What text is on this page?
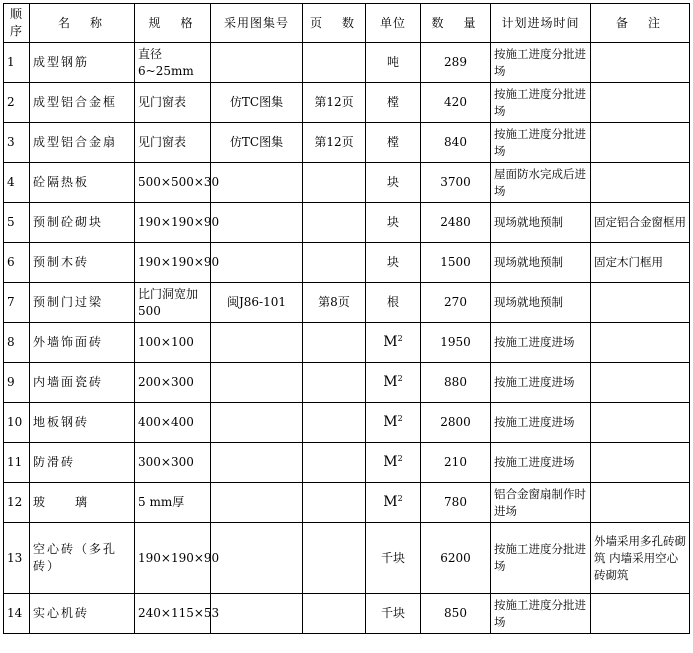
顺序	名　称	规　格	采用图集号	页　数	单位	数　量	计划进场时间	备　注
1	成型钢筋	直径6~25mm			吨	289	按施工进度分批进场	
2	成型铝合金框	见门窗表	仿TC图集	第12页	樘	420	按施工进度分批进场	
3	成型铝合金扇	见门窗表	仿TC图集	第12页	樘	840	按施工进度分批进场	
4	砼隔热板	500×500×30			块	3700	屋面防水完成后进场	
5	预制砼砌块	190×190×90			块	2480	现场就地预制	固定铝合金窗框用
6	预制木砖	190×190×90			块	1500	现场就地预制	固定木门框用
7	预制门过梁	比门洞宽加500	闽J86-101	第8页	根	270	现场就地预制	
8	外墙饰面砖	100×100			$M^2$	1950	按施工进度进场	
9	内墙面瓷砖	200×300			$M^2$	880	按施工进度进场	
10	地板钢砖	400×400			$M^2$	2800	按施工进度进场	
11	防滑砖	300×300			$M^2$	210	按施工进度进场	
12	玻　　璃	5 mm厚			$M^2$	780	铝合金窗扇制作时进场	
13	空心砖（多孔砖）	190×190×90			千块	6200	按施工进度分批进场	外墙采用多孔砖砌筑 内墙采用空心砖砌筑
14	实心机砖	240×115×53			千块	850	按施工进度分批进场	
